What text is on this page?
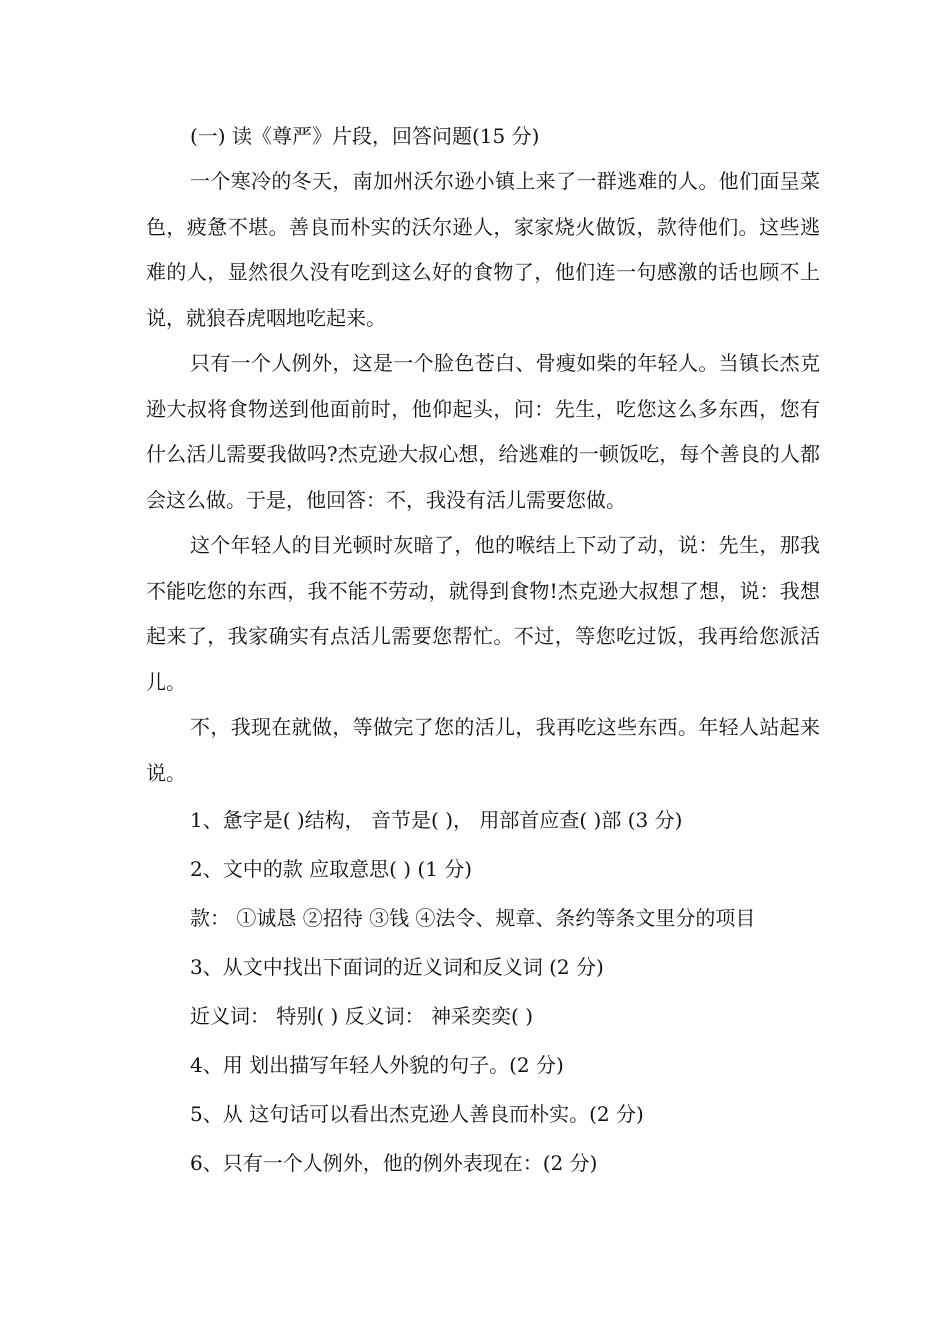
(一) 读《尊严》片段，回答问题(15 分)

一个寒冷的冬天，南加州沃尔逊小镇上来了一群逃难的人。他们面呈菜色，疲惫不堪。善良而朴实的沃尔逊人，家家烧火做饭，款待他们。这些逃难的人，显然很久没有吃到这么好的食物了，他们连一句感激的话也顾不上说，就狼吞虎咽地吃起来。

只有一个人例外，这是一个脸色苍白、骨瘦如柴的年轻人。当镇长杰克逊大叔将食物送到他面前时，他仰起头，问：先生，吃您这么多东西，您有什么活儿需要我做吗?杰克逊大叔心想，给逃难的一顿饭吃，每个善良的人都会这么做。于是，他回答：不，我没有活儿需要您做。

这个年轻人的目光顿时灰暗了，他的喉结上下动了动，说：先生，那我不能吃您的东西，我不能不劳动，就得到食物!杰克逊大叔想了想，说：我想起来了，我家确实有点活儿需要您帮忙。不过，等您吃过饭，我再给您派活儿。

不，我现在就做，等做完了您的活儿，我再吃这些东西。年轻人站起来说。

1、惫字是( )结构， 音节是( )， 用部首应查( )部 (3 分)

2、文中的款 应取意思( ) (1 分)

款： ①诚恳 ②招待 ③钱 ④法令、规章、条约等条文里分的项目

3、从文中找出下面词的近义词和反义词 (2 分)

近义词： 特别( ) 反义词： 神采奕奕( )

4、用 划出描写年轻人外貌的句子。(2 分)

5、从 这句话可以看出杰克逊人善良而朴实。(2 分)

6、只有一个人例外，他的例外表现在：(2 分)
